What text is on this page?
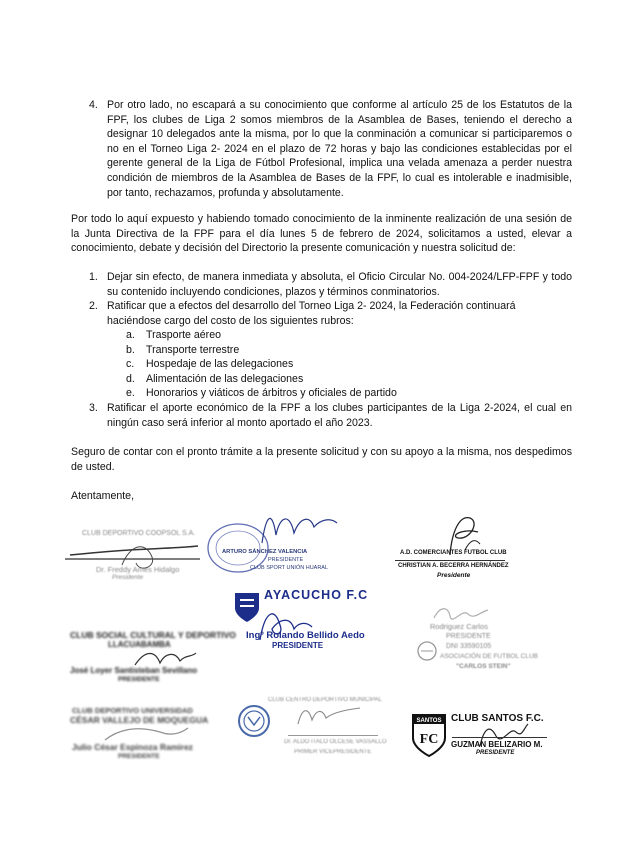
4. Por otro lado, no escapará a su conocimiento que conforme al artículo 25 de los Estatutos de la FPF, los clubes de Liga 2 somos miembros de la Asamblea de Bases, teniendo el derecho a designar 10 delegados ante la misma, por lo que la conminación a comunicar si participaremos o no en el Torneo Liga 2- 2024 en el plazo de 72 horas y bajo las condiciones establecidas por el gerente general de la Liga de Fútbol Profesional, implica una velada amenaza a perder nuestra condición de miembros de la Asamblea de Bases de la FPF, lo cual es intolerable e inadmisible, por tanto, rechazamos, profunda y absolutamente.
Por todo lo aquí expuesto y habiendo tomado conocimiento de la inminente realización de una sesión de la Junta Directiva de la FPF para el día lunes 5 de febrero de 2024, solicitamos a usted, elevar a conocimiento, debate y decisión del Directorio la presente comunicación y nuestra solicitud de:
1. Dejar sin efecto, de manera inmediata y absoluta, el Oficio Circular No. 004-2024/LFP-FPF y todo su contenido incluyendo condiciones, plazos y términos conminatorios.
2. Ratificar que a efectos del desarrollo del Torneo Liga 2- 2024, la Federación continuará haciéndose cargo del costo de los siguientes rubros:
a. Trasporte aéreo
b. Transporte terrestre
c. Hospedaje de las delegaciones
d. Alimentación de las delegaciones
e. Honorarios y viáticos de árbitros y oficiales de partido
3. Ratificar el aporte económico de la FPF a los clubes participantes de la Liga 2-2024, el cual en ningún caso será inferior al monto aportado el año 2023.
Seguro de contar con el pronto trámite a la presente solicitud y con su apoyo a la misma, nos despedimos de usted.
Atentamente,
CLUB DEPORTIVO COOPSOL S.A.
Dr. Freddy Ames Hidalgo
Presidente
ARTURO SÁNCHEZ VALENCIA
PRESIDENTE
CLUB SPORT UNIÓN HUARAL
A.D. COMERCIANTES FUTBOL CLUB
CHRISTIAN A. BECERRA HERNÁNDEZ
Presidente
CLUB SOCIAL CULTURAL Y DEPORTIVO
LLACUABAMBA
José Loyer Santisteban Sevillano
PRESIDENTE
AYACUCHO F.C
Ingº Rolando Bellido Aedo
PRESIDENTE
Rodriguez Carlos
PRESIDENTE
DNI 33590105
ASOCIACIÓN DE FUTBOL CLUB
"CARLOS STEIN"
CLUB DEPORTIVO UNIVERSIDAD
CÉSAR VALLEJO DE MOQUEGUA
Julio César Espinoza Ramirez
PRESIDENTE
CLUB CENTRO DEPORTIVO MUNICIPAL
Dr. ALDO ITALO OLCESE VASSALLO
PRIMER VICEPRESIDENTE
SANTOS
FC
CLUB SANTOS F.C.
GUZMAN BELIZARIO M.
PRESIDENTE
